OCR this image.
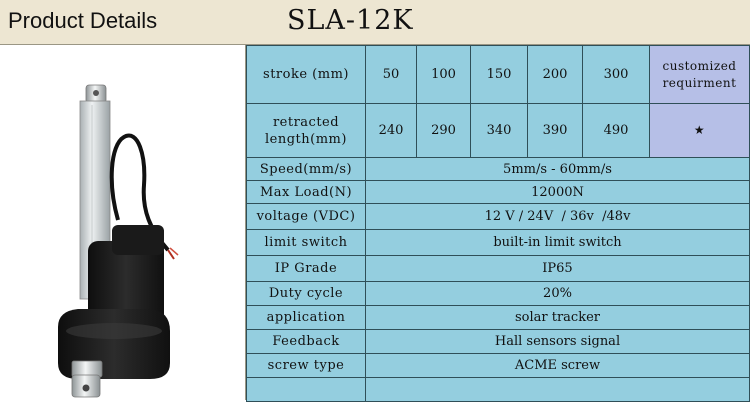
Product Details	SLA-12K
stroke (mm)	50	100	150	200	300	customized requirment
retracted length(mm)	240	290	340	390	490	★
Speed(mm/s)	5mm/s - 60mm/s					
Max Load(N)	12000N					
voltage (VDC)	12 V / 24V  / 36v  /48v					
limit switch	built-in limit switch					
IP Grade	IP65					
Duty cycle	20%					
application	solar tracker					
Feedback	Hall sensors signal					
screw type	ACME screw					
